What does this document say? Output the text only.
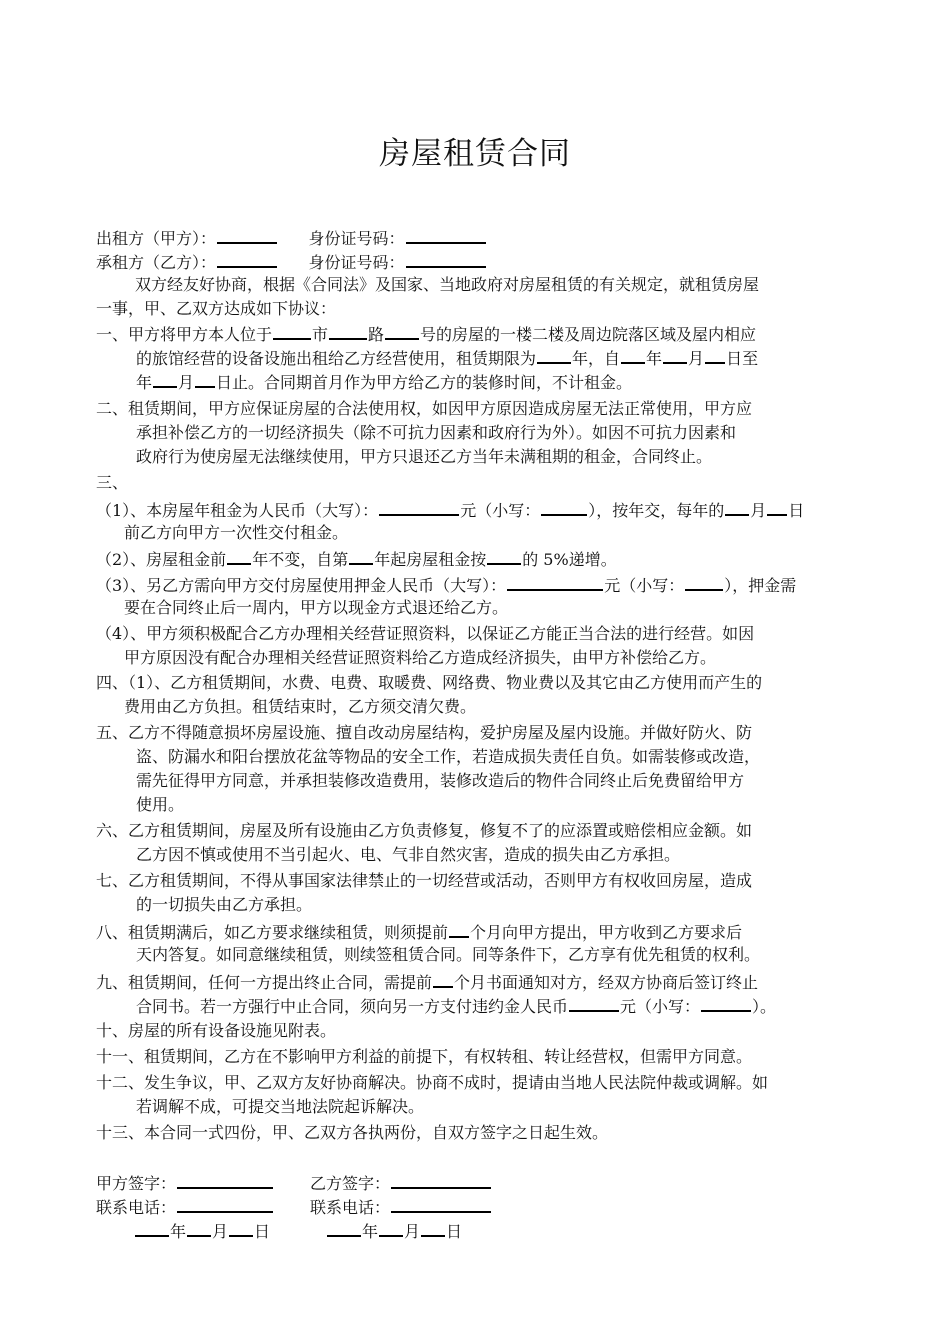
房屋租赁合同
出租方（甲方）：	身份证号码：
承租方（乙方）：	身份证号码：
双方经友好协商，根据《合同法》及国家、当地政府对房屋租赁的有关规定，就租赁房屋
一事，甲、乙双方达成如下协议：
一、甲方将甲方本人位于	市	路 号的房屋的一楼二楼及周边院落区域及屋内相应
的旅馆经营的设备设施出租给乙方经营使用，租赁期限为 年，自 年 月 日至
年 月 日止。合同期首月作为甲方给乙方的装修时间，不计租金。
二、租赁期间，甲方应保证房屋的合法使用权，如因甲方原因造成房屋无法正常使用，甲方应
承担补偿乙方的一切经济损失（除不可抗力因素和政府行为外）。如因不可抗力因素和
政府行为使房屋无法继续使用，甲方只退还乙方当年未满租期的租金，合同终止。
三、
（1）、本房屋年租金为人民币（大写）：	元（小写：	），按年交，每年的 月 日
前乙方向甲方一次性交付租金。
（2）、房屋租金前 年不变，自第 年起房屋租金按 的 5%递增。
（3）、另乙方需向甲方交付房屋使用押金人民币（大写）：	元（小写：	），押金需
要在合同终止后一周内，甲方以现金方式退还给乙方。
（4）、甲方须积极配合乙方办理相关经营证照资料，以保证乙方能正当合法的进行经营。如因
甲方原因没有配合办理相关经营证照资料给乙方造成经济损失，由甲方补偿给乙方。
四、（1）、乙方租赁期间，水费、电费、取暖费、网络费、物业费以及其它由乙方使用而产生的
费用由乙方负担。租赁结束时，乙方须交清欠费。
五、乙方不得随意损坏房屋设施、擅自改动房屋结构，爱护房屋及屋内设施。并做好防火、防
盗、防漏水和阳台摆放花盆等物品的安全工作，若造成损失责任自负。如需装修或改造，
需先征得甲方同意，并承担装修改造费用，装修改造后的物件合同终止后免费留给甲方
使用。
六、乙方租赁期间，房屋及所有设施由乙方负责修复，修复不了的应添置或赔偿相应金额。如
乙方因不慎或使用不当引起火、电、气非自然灾害，造成的损失由乙方承担。
七、乙方租赁期间，不得从事国家法律禁止的一切经营或活动，否则甲方有权收回房屋，造成
的一切损失由乙方承担。
八、租赁期满后，如乙方要求继续租赁，则须提前 个月向甲方提出，甲方收到乙方要求后
天内答复。如同意继续租赁，则续签租赁合同。同等条件下，乙方享有优先租赁的权利。
九、租赁期间，任何一方提出终止合同，需提前 个月书面通知对方，经双方协商后签订终止
合同书。若一方强行中止合同，须向另一方支付违约金人民币	元（小写：	）。
十、房屋的所有设备设施见附表。
十一、租赁期间，乙方在不影响甲方利益的前提下，有权转租、转让经营权，但需甲方同意。
十二、发生争议，甲、乙双方友好协商解决。协商不成时，提请由当地人民法院仲裁或调解。如
若调解不成，可提交当地法院起诉解决。
十三、本合同一式四份，甲、乙双方各执两份，自双方签字之日起生效。
甲方签字：	乙方签字：
联系电话：	联系电话：
年 月 日	年 月 日
